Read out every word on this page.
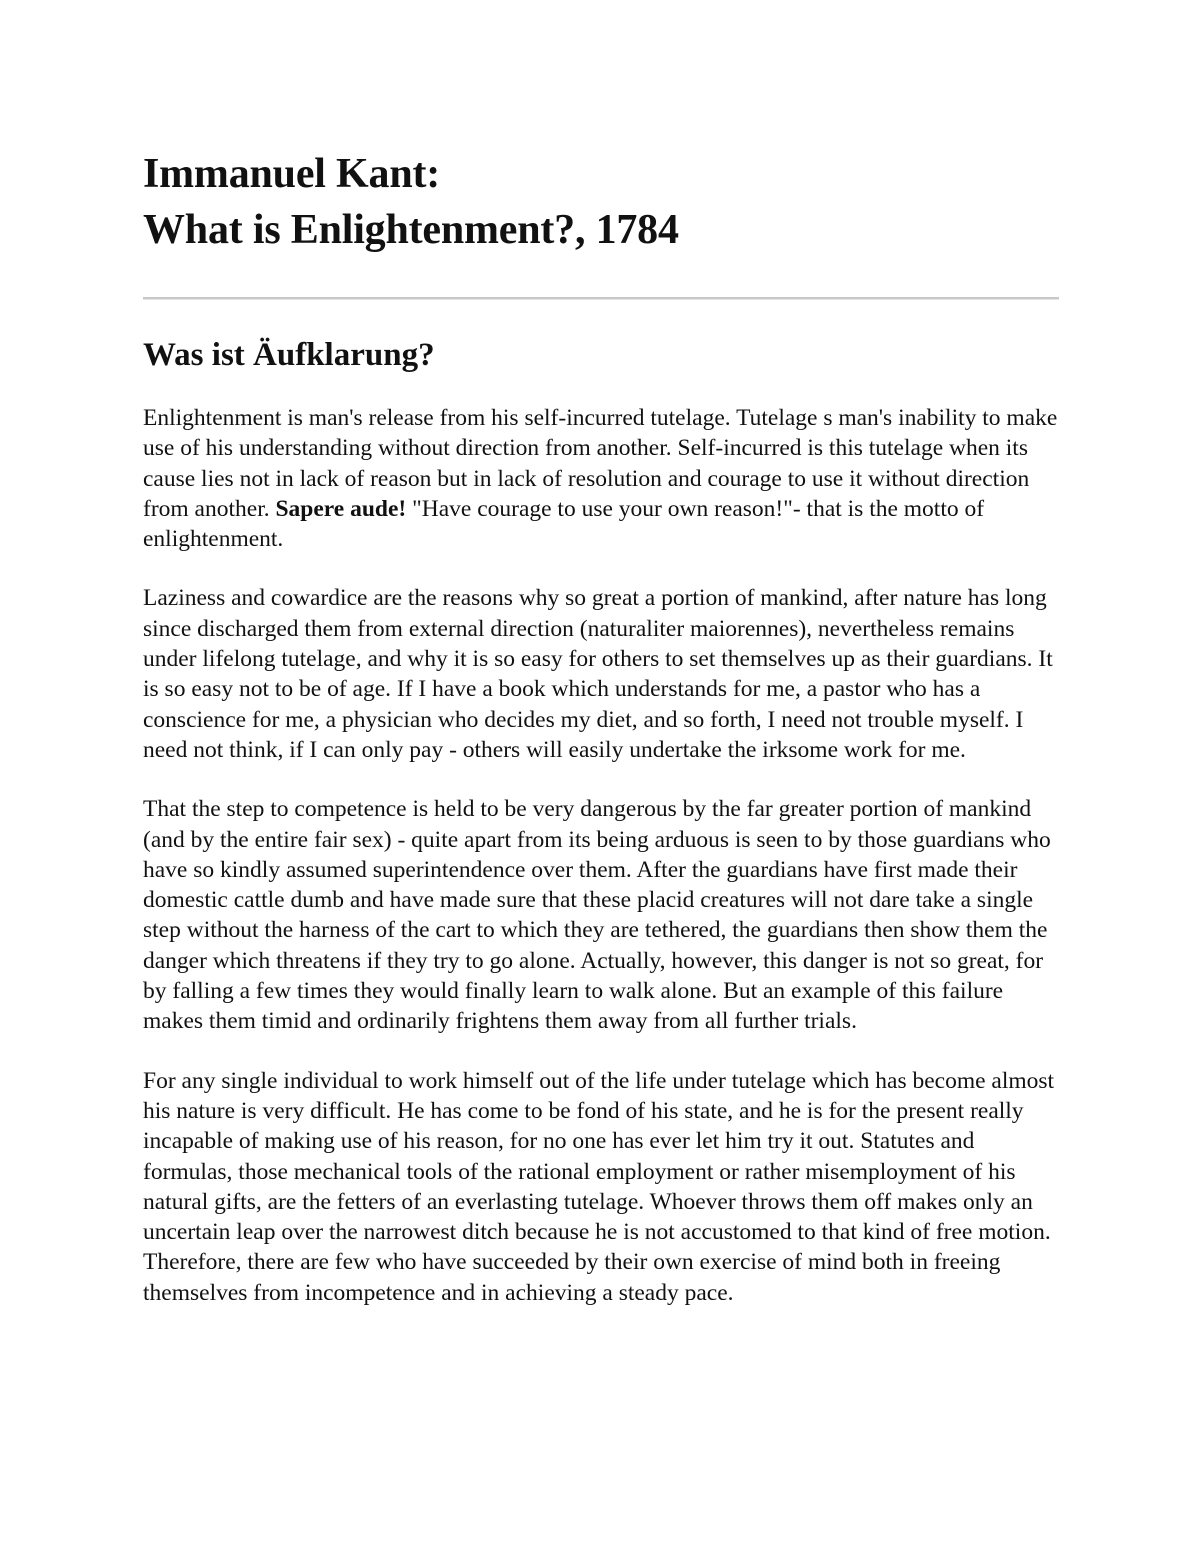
Immanuel Kant:
What is Enlightenment?, 1784
Was ist Äufklarung?

Enlightenment is man's release from his self-incurred tutelage. Tutelage s man's inability to make use of his understanding without direction from another. Self-incurred is this tutelage when its cause lies not in lack of reason but in lack of resolution and courage to use it without direction from another. Sapere aude! "Have courage to use your own reason!"- that is the motto of enlightenment.

Laziness and cowardice are the reasons why so great a portion of mankind, after nature has long since discharged them from external direction (naturaliter maiorennes), nevertheless remains under lifelong tutelage, and why it is so easy for others to set themselves up as their guardians. It is so easy not to be of age. If I have a book which understands for me, a pastor who has a conscience for me, a physician who decides my diet, and so forth, I need not trouble myself. I need not think, if I can only pay - others will easily undertake the irksome work for me.

That the step to competence is held to be very dangerous by the far greater portion of mankind (and by the entire fair sex) - quite apart from its being arduous is seen to by those guardians who have so kindly assumed superintendence over them. After the guardians have first made their domestic cattle dumb and have made sure that these placid creatures will not dare take a single step without the harness of the cart to which they are tethered, the guardians then show them the danger which threatens if they try to go alone. Actually, however, this danger is not so great, for by falling a few times they would finally learn to walk alone. But an example of this failure makes them timid and ordinarily frightens them away from all further trials.

For any single individual to work himself out of the life under tutelage which has become almost his nature is very difficult. He has come to be fond of his state, and he is for the present really incapable of making use of his reason, for no one has ever let him try it out. Statutes and formulas, those mechanical tools of the rational employment or rather misemployment of his natural gifts, are the fetters of an everlasting tutelage. Whoever throws them off makes only an uncertain leap over the narrowest ditch because he is not accustomed to that kind of free motion. Therefore, there are few who have succeeded by their own exercise of mind both in freeing themselves from incompetence and in achieving a steady pace.
